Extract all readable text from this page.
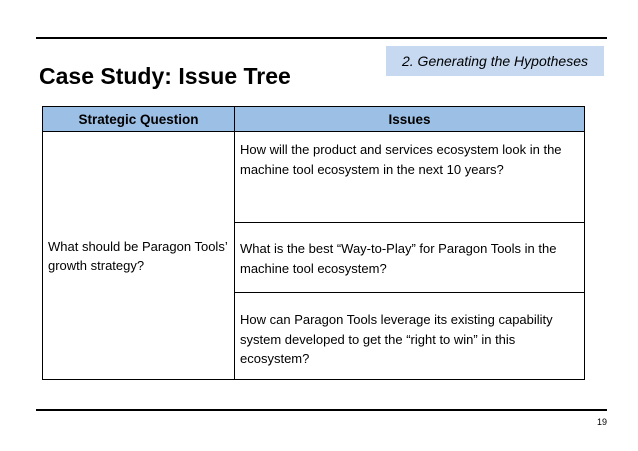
2. Generating the Hypotheses
Case Study: Issue Tree
Strategic Question	Issues
What should be Paragon Tools’ growth strategy?
How will the product and services ecosystem look in the machine tool ecosystem in the next 10 years?
What is the best “Way-to-Play” for Paragon Tools in the machine tool ecosystem?
How can Paragon Tools leverage its existing capability system developed to get the “right to win” in this ecosystem?
19
